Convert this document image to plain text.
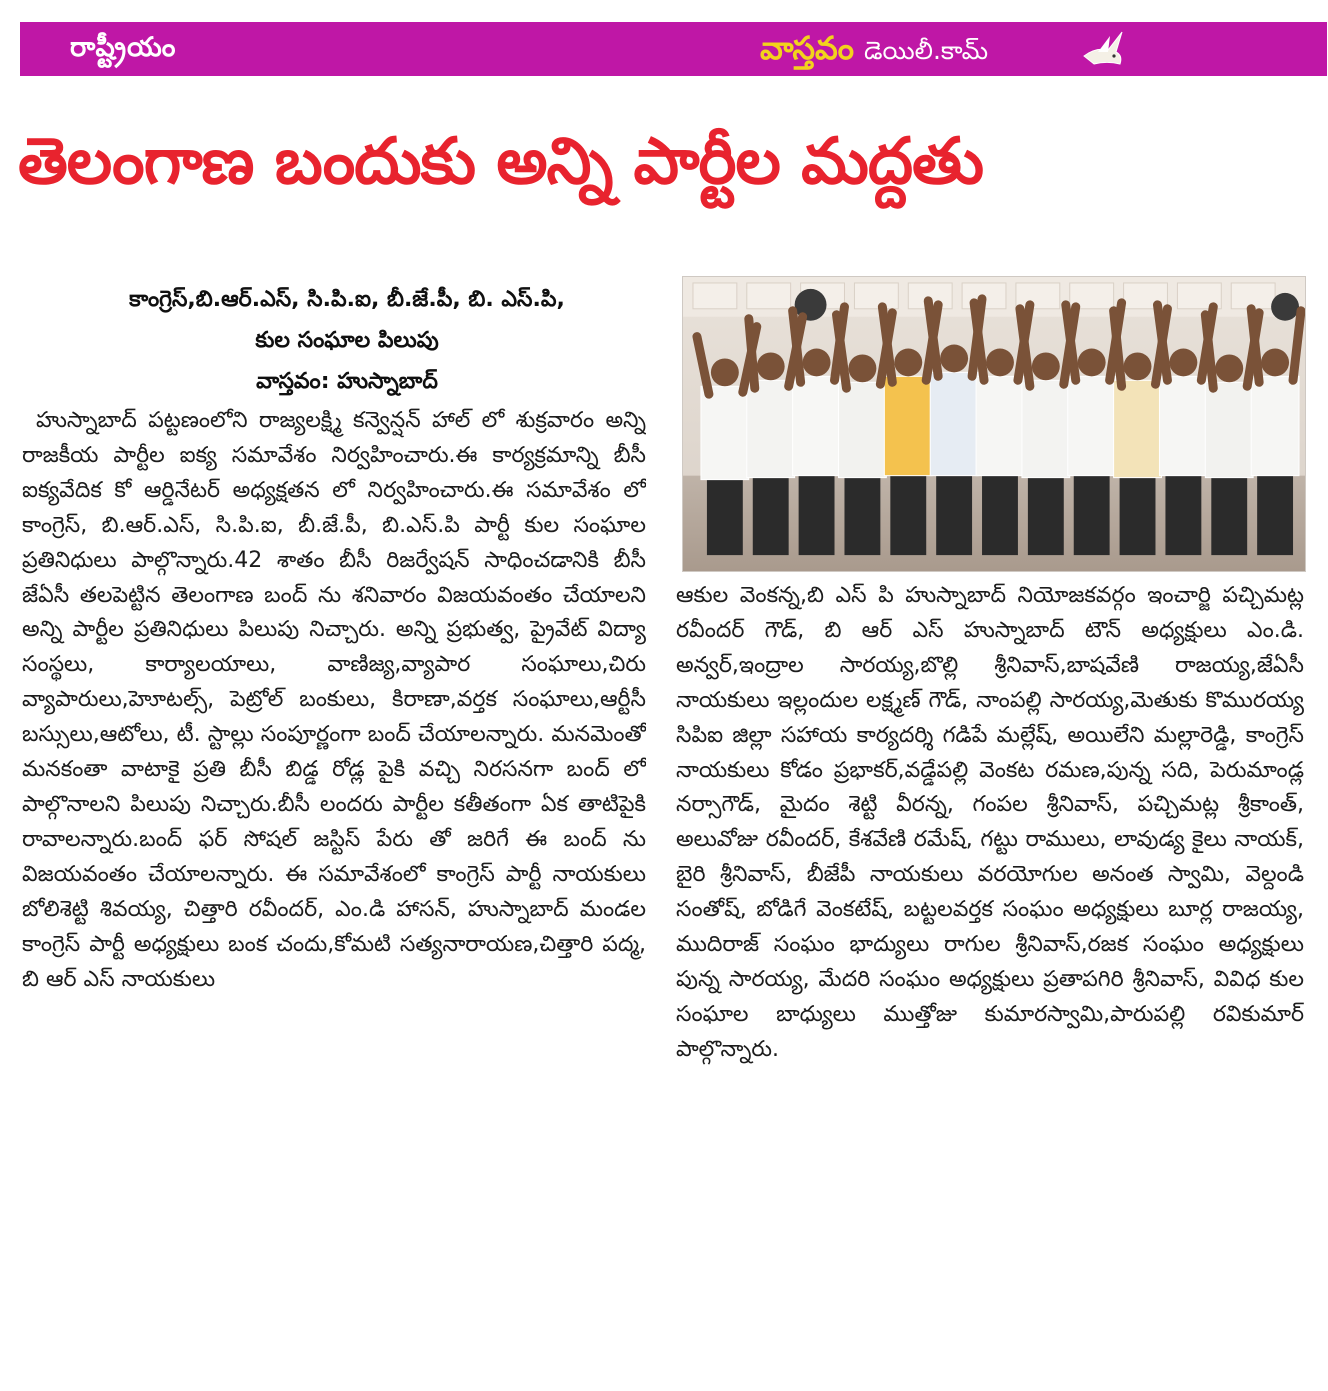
రాష్ట్రీయం	వాస్తవం డెయిలీ.కామ్
తెలంగాణ బందుకు అన్ని పార్టీల మద్దతు
కాంగ్రెస్,బి.ఆర్.ఎస్, సి.పి.ఐ, బీ.జే.పీ, బి. ఎస్.పి,
కుల సంఘాల పిలుపు
వాస్తవం: హుస్నాబాద్

హుస్నాబాద్ పట్టణంలోని రాజ్యలక్ష్మి కన్వెన్షన్ హాల్ లో శుక్రవారం అన్ని రాజకీయ పార్టీల ఐక్య సమావేశం నిర్వహించారు.ఈ కార్యక్రమాన్ని బీసీ ఐక్యవేదిక కో ఆర్డినేటర్ అధ్యక్షతన లో నిర్వహించారు.ఈ సమావేశం లో కాంగ్రెస్, బి.ఆర్.ఎస్, సి.పి.ఐ, బీ.జే.పీ, బి.ఎస్.పి పార్టీ కుల సంఘాల ప్రతినిధులు పాల్గొన్నారు.42 శాతం బీసీ రిజర్వేషన్ సాధించడానికి బీసీ జేఏసీ తలపెట్టిన తెలంగాణ బంద్ ను శనివారం విజయవంతం చేయాలని అన్ని పార్టీల ప్రతినిధులు పిలుపు నిచ్చారు. అన్ని ప్రభుత్వ, ప్రైవేట్ విద్యా సంస్థలు, కార్యాలయాలు, వాణిజ్య,వ్యాపార సంఘాలు,చిరు వ్యాపారులు,హెూటల్స్, పెట్రోల్ బంకులు, కిరాణా,వర్తక సంఘాలు,ఆర్టీసీ బస్సులు,ఆటోలు, టీ. స్టాల్లు సంపూర్ణంగా బంద్ చేయాలన్నారు. మనమెంతో మనకంతా వాటాకై ప్రతి బీసీ బిడ్డ రోడ్ల పైకి వచ్చి నిరసనగా బంద్ లో పాల్గొనాలని పిలుపు నిచ్చారు.బీసీ లందరు పార్టీల కతీతంగా ఏక తాటిపైకి రావాలన్నారు.బంద్ ఫర్ సోషల్ జస్టిస్ పేరు తో జరిగే ఈ బంద్ ను విజయవంతం చేయాలన్నారు. ఈ సమావేశంలో కాంగ్రెస్ పార్టీ నాయకులు బోలిశెట్టి శివయ్య, చిత్తారి రవీందర్, ఎం.డి హాసన్, హుస్నాబాద్ మండల కాంగ్రెస్ పార్టీ అధ్యక్షులు బంక చందు,కోమటి సత్యనారాయణ,చిత్తారి పద్మ, బి ఆర్ ఎస్ నాయకులు

ఆకుల వెంకన్న,బి ఎస్ పి హుస్నాబాద్ నియోజకవర్గం ఇంచార్జి పచ్చిమట్ల రవీందర్ గౌడ్, బి ఆర్ ఎస్ హుస్నాబాద్ టౌన్ అధ్యక్షులు ఎం.డి. అన్వర్,ఇంద్రాల సారయ్య,బొల్లి శ్రీనివాస్,బాషవేణి రాజయ్య,జేఏసీ నాయకులు ఇల్లందుల లక్ష్మణ్ గౌడ్, నాంపల్లి సారయ్య,మెతుకు కొమురయ్య సిపిఐ జిల్లా సహాయ కార్యదర్శి గడిపే మల్లేష్, అయిలేని మల్లారెడ్డి, కాంగ్రెస్ నాయకులు కోడం ప్రభాకర్,వడ్డేపల్లి వెంకట రమణ,పున్న సది, పెరుమాండ్ల నర్సాగౌడ్, మైదం శెట్టి వీరన్న, గంపల శ్రీనివాస్, పచ్చిమట్ల శ్రీకాంత్, అలువోజు రవీందర్, కేశవేణి రమేష్, గట్టు రాములు, లావుడ్య కైలు నాయక్, బైరి శ్రీనివాస్, బీజేపీ నాయకులు వరయోగుల అనంత స్వామి, వెల్దండి సంతోష్, బోడిగే వెంకటేష్, బట్టలవర్తక సంఘం అధ్యక్షులు బూర్ల రాజయ్య, ముదిరాజ్ సంఘం భాద్యులు రాగుల శ్రీనివాస్,రజక సంఘం అధ్యక్షులు పున్న సారయ్య, మేదరి సంఘం అధ్యక్షులు ప్రతాపగిరి శ్రీనివాస్, వివిధ కుల సంఘాల బాధ్యులు ముత్తోజు కుమారస్వామి,పారుపల్లి రవికుమార్ పాల్గొన్నారు.
